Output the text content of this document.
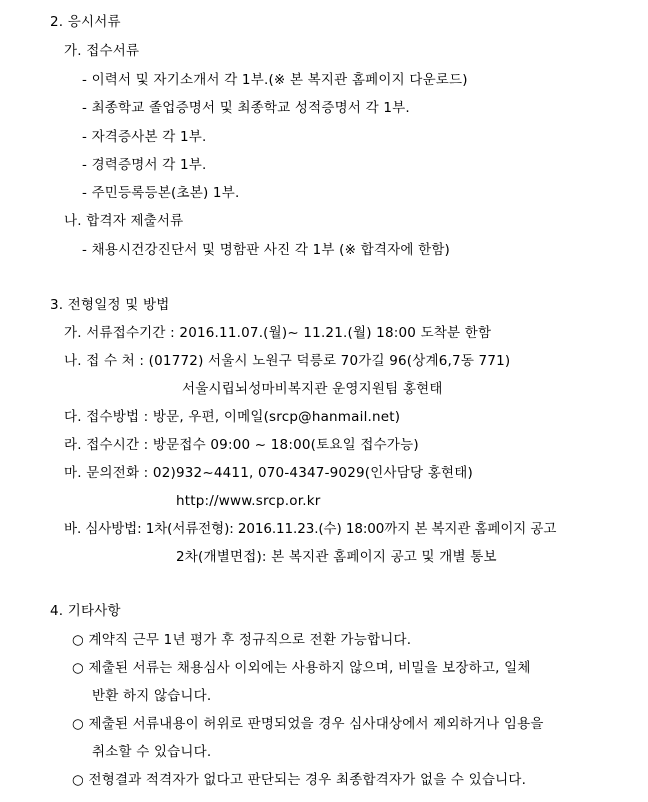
2. 응시서류
가. 접수서류
- 이력서 및 자기소개서 각 1부.(※ 본 복지관 홈페이지 다운로드)
- 최종학교 졸업증명서 및 최종학교 성적증명서 각 1부.
- 자격증사본 각 1부.
- 경력증명서 각 1부.
- 주민등록등본(초본) 1부.
나. 합격자 제출서류
- 채용시건강진단서 및 명함판 사진 각 1부 (※ 합격자에 한함)
3. 전형일정 및 방법
가. 서류접수기간 : 2016.11.07.(월)~ 11.21.(월) 18:00 도착분 한함
나. 접 수 처 : (01772) 서울시 노원구 덕릉로 70가길 96(상계6,7동 771)
서울시립뇌성마비복지관 운영지원팀 홍현태
다. 접수방법 : 방문, 우편, 이메일(srcp@hanmail.net)
라. 접수시간 : 방문접수 09:00 ~ 18:00(토요일 접수가능)
마. 문의전화 : 02)932~4411, 070-4347-9029(인사담당 홍현태)
http://www.srcp.or.kr
바. 심사방법: 1차(서류전형): 2016.11.23.(수) 18:00까지 본 복지관 홈페이지 공고
2차(개별면접): 본 복지관 홈페이지 공고 및 개별 통보
4. 기타사항
○ 계약직 근무 1년 평가 후 정규직으로 전환 가능합니다.
○ 제출된 서류는 채용심사 이외에는 사용하지 않으며, 비밀을 보장하고, 일체
반환 하지 않습니다.
○ 제출된 서류내용이 허위로 판명되었을 경우 심사대상에서 제외하거나 임용을
취소할 수 있습니다.
○ 전형결과 적격자가 없다고 판단되는 경우 최종합격자가 없을 수 있습니다.
